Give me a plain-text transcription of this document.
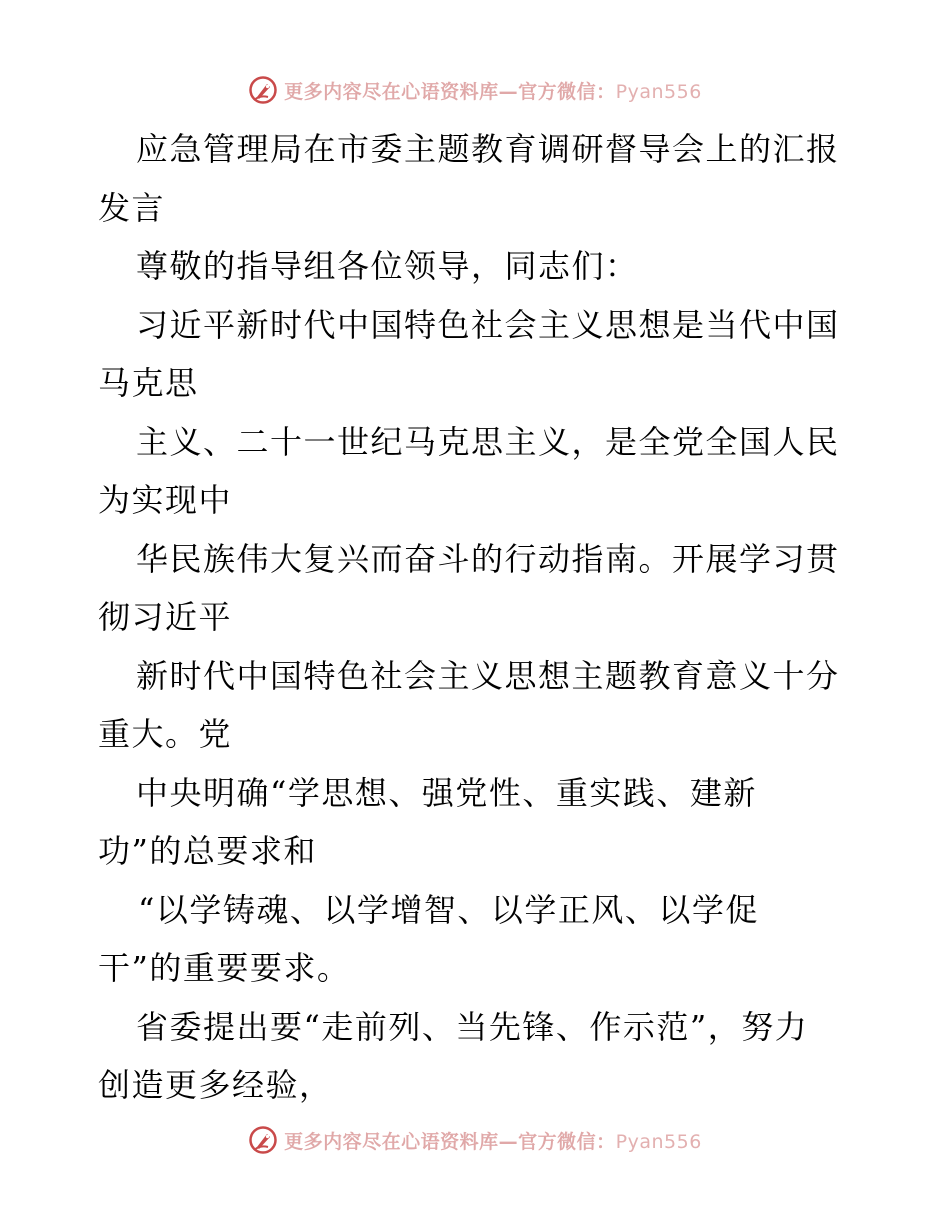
更多内容尽在心语资料库—官方微信：Pyan556
应急管理局在市委主题教育调研督导会上的汇报
发言
尊敬的指导组各位领导，同志们：
习近平新时代中国特色社会主义思想是当代中国
马克思
主义、二十一世纪马克思主义，是全党全国人民
为实现中
华民族伟大复兴而奋斗的行动指南。开展学习贯
彻习近平
新时代中国特色社会主义思想主题教育意义十分
重大。党
中央明确“学思想、强党性、重实践、建新
功”的总要求和
“以学铸魂、以学增智、以学正风、以学促
干”的重要要求。
省委提出要“走前列、当先锋、作示范”，努力
创造更多经验，
更多内容尽在心语资料库—官方微信：Pyan556
